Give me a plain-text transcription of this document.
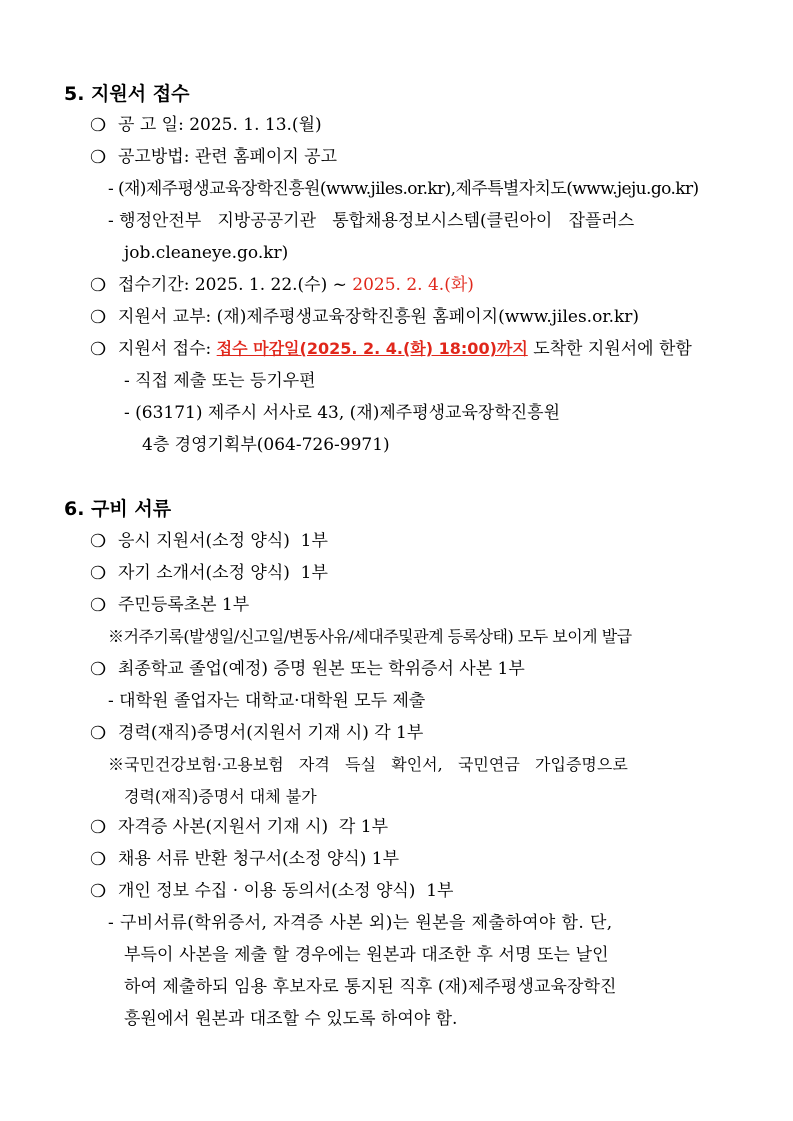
5. 지원서 접수
❍ 공 고 일: 2025. 1. 13.(월)
❍ 공고방법: 관련 홈페이지 공고
- (재)제주평생교육장학진흥원(www.jiles.or.kr),제주특별자치도(www.jeju.go.kr)
- 행정안전부   지방공공기관   통합채용정보시스템(클린아이   잡플러스
job.cleaneye.go.kr)
❍ 접수기간: 2025. 1. 22.(수) ~ 2025. 2. 4.(화)
❍ 지원서 교부: (재)제주평생교육장학진흥원 홈페이지(www.jiles.or.kr)
❍ 지원서 접수: 접수 마감일(2025. 2. 4.(화) 18:00)까지 도착한 지원서에 한함
- 직접 제출 또는 등기우편
- (63171) 제주시 서사로 43, (재)제주평생교육장학진흥원
4층 경영기획부(064-726-9971)
6. 구비 서류
❍ 응시 지원서(소정 양식)  1부
❍ 자기 소개서(소정 양식)  1부
❍ 주민등록초본 1부
※거주기록(발생일/신고일/변동사유/세대주및관계 등록상태) 모두 보이게 발급
❍ 최종학교 졸업(예정) 증명 원본 또는 학위증서 사본 1부
- 대학원 졸업자는 대학교·대학원 모두 제출
❍ 경력(재직)증명서(지원서 기재 시) 각 1부
※국민건강보험·고용보험   자격   득실   확인서,   국민연금   가입증명으로
경력(재직)증명서 대체 불가
❍ 자격증 사본(지원서 기재 시)  각 1부
❍ 채용 서류 반환 청구서(소정 양식) 1부
❍ 개인 정보 수집 · 이용 동의서(소정 양식)  1부
- 구비서류(학위증서, 자격증 사본 외)는 원본을 제출하여야 함. 단,
부득이 사본을 제출 할 경우에는 원본과 대조한 후 서명 또는 날인
하여 제출하되 임용 후보자로 통지된 직후 (재)제주평생교육장학진
흥원에서 원본과 대조할 수 있도록 하여야 함.
